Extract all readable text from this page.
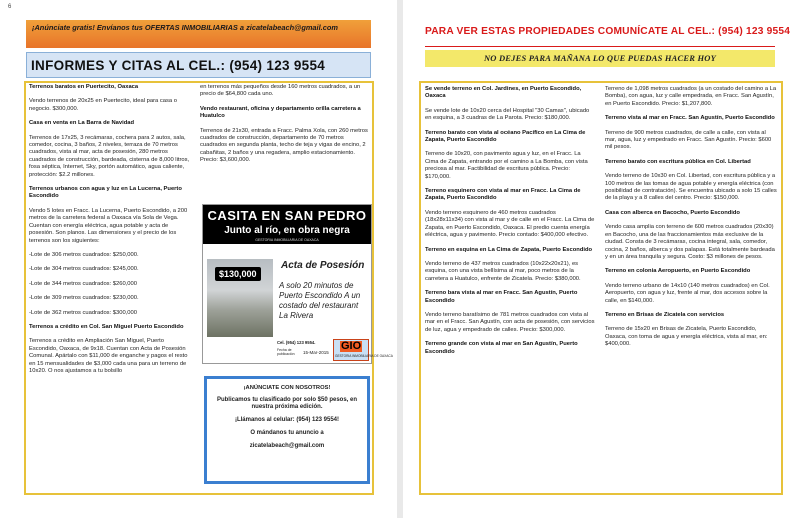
6
¡Anúnciate gratis! Envíanos tus OFERTAS INMOBILIARIAS a zicatelabeach@gmail.com
INFORMES Y CITAS AL CEL.: (954) 123 9554

Terrenos baratos en Puertecito, Oaxaca

Vendo terrenos de 20x25 en Puertecito, ideal para casa o negocio. $300,000.

Casa en venta en La Barra de Navidad

Terrenos de 17x25, 3 recámaras, cochera para 2 autos, sala, comedor, cocina, 3 baños, 2 niveles, terraza de 70 metros cuadrados, vista al mar, acta de posesión, 280 metros cuadrados de construcción, bardeada, cisterna de 8,000 litros, fosa séptica, Internet, Sky, portón automático, agua caliente, protección: $2.2 millones.

Terrenos urbanos con agua y luz en La Lucerna, Puerto Escondido

Vendo 5 lotes en Fracc. La Lucerna, Puerto Escondido, a 200 metros de la carretera federal a Oaxaca vía Sola de Vega. Cuentan con energía eléctrica, agua potable y acta de posesión. Son planos. Las dimensiones y el precio de los terrenos son los siguientes:

-Lote de 306 metros cuadrados: $250,000.

-Lote de 304 metros cuadrados: $245,000.

-Lote de 344 metros cuadrados: $260,000

-Lote de 309 metros cuadrados: $230,000.

-Lote de 362 metros cuadrados: $300,000

Terrenos a crédito en Col. San Miguel Puerto Escondido

Terrenos a crédito en Ampliación San Miguel, Puerto Escondido, Oaxaca, de 9x18. Cuentan con Acta de Posesión Comunal. Apártalo con $11,000 de enganche y pagos el resto en 15 mensualidades de $3,000 cada una para un terreno de 10x20. O nos ajustamos a tu bolsillo

en terrenos más pequeños desde 160 metros cuadrados, a un precio de $64,800 cada uno.

Vendo restaurant, oficina y departamento orilla carretera a Huatulco

Terrenos de 21x30, entrada a Fracc. Palma Xola, con 260 metros cuadrados de construcción, departamento de 70 metros cuadrados en segunda planta, techo de teja y vigas de encino, 2 cabañitas, 2 baños y una regadera, amplio estacionamiento. Precio: $3,600,000.

CASITA EN SAN PEDRO
Junto al río, en obra negra
GESTORIA INMOBILIARIA DE OAXACA
$130,000
Acta de Posesión
A solo 20 minutos de Puerto Escondido A un costado del restaurant La Rivera
Cel. (954) 123 9554.
Fecha de publicación	15-Mar-2015
GIO
GESTORIA INMOBILIARIA DE OAXACA
¡ANÚNCIATE CON NOSOTROS!
Publicamos tu clasificado por solo $50 pesos, en nuestra próxima edición.
¡Llámanos al celular: (954) 123 9554!
O mándanos tu anuncio a
zicatelabeach@gmail.com
PARA VER ESTAS PROPIEDADES COMUNÍCATE AL CEL.: (954) 123 9554
NO DEJES PARA MAÑANA LO QUE PUEDAS HACER HOY

Se vende terreno en Col. Jardines, en Puerto Escondido, Oaxaca

Se vende lote de 10x20 cerca del Hospital "30 Camas", ubicado en esquina, a 3 cuadras de La Parota. Precio: $180,000.

Terreno barato con vista al océano Pacífico en La Cima de Zapata, Puerto Escondido

Terreno de 10x20, con pavimento agua y luz, en el Fracc. La Cima de Zapata, entrando por el camino a La Bomba, con vista preciosa al mar. Factibilidad de escritura pública. Precio: $170,000.

Terreno esquinero con vista al mar en Fracc. La Cima de Zapata, Puerto Escondido

Vendo terreno esquinero de 460 metros cuadrados (18x28x11x34) con vista al mar y de calle en el Fracc. La Cima de Zapata, en Puerto Escondido, Oaxaca. El predio cuenta energía eléctrica, agua y pavimento. Precio contado: $400,000 efectivo.

Terreno en esquina en La Cima de Zapata, Puerto Escondido

Vendo terreno de 437 metros cuadrados (10x22x20x21), es esquina, con una vista bellísima al mar, poco metros de la carretera a Huatulco, enfrente de Zicatela. Precio: $380,000.

Terreno bara vista al mar en Fracc. San Agustín, Puerto Escondido

Vendo terreno baratísimo de 781 metros cuadrados con vista al mar en el Fracc. San Agustín, con acta de posesión, con servicios de luz, agua y empedrado de calles. Precio: $300,000.

Terreno grande con vista al mar en San Agustín, Puerto Escondido

Terreno de 1,098 metros cuadrados (a un costado del camino a La Bomba), con agua, luz y calle empedrada, en Fracc. San Agustín, en Puerto Escondido. Precio: $1,207,800.

Terreno vista al mar en Fracc. San Agustín, Puerto Escondido

Terreno de 900 metros cuadrados, de calle a calle, con vista al mar, agua, luz y empedrado en Fracc. San Agustín. Precio: $600 mil pesos.

Terreno barato con escritura pública en Col. Libertad

Vendo terreno de 10x30 en Col. Libertad, con escritura pública y a 100 metros de las tomas de agua potable y energía eléctrica (con posibilidad de contratación). Se encuentra ubicado a solo 15 calles de la playa y a 8 calles del centro. Precio: $150,000.

Casa con alberca en Bacocho, Puerto Escondido

Vendo casa amplia con terreno de 600 metros cuadrados (20x30) en Bacocho, una de las fraccionamientos más exclusive de la ciudad. Consta de 3 recámaras, cocina integral, sala, comedor, cocina, 2 baños, alberca y dos palapas. Está totalmente bardeada y en un área tranquila y segura. Costo: $3 millones de pesos.

Terreno en colonia Aeropuerto, en Puerto Escondido

Vendo terreno urbano de 14x10 (140 metros cuadrados) en Col. Aeropuerto, con agua y luz, frente al mar, dos accesos sobre la calle, en $140,000.

Terreno en Brisas de Zicatela con servicios

Terreno de 15x20 en Brisas de Zicatela, Puerto Escondido, Oaxaca, con toma de agua y energía eléctrica, vista al mar, en: $400,000.
